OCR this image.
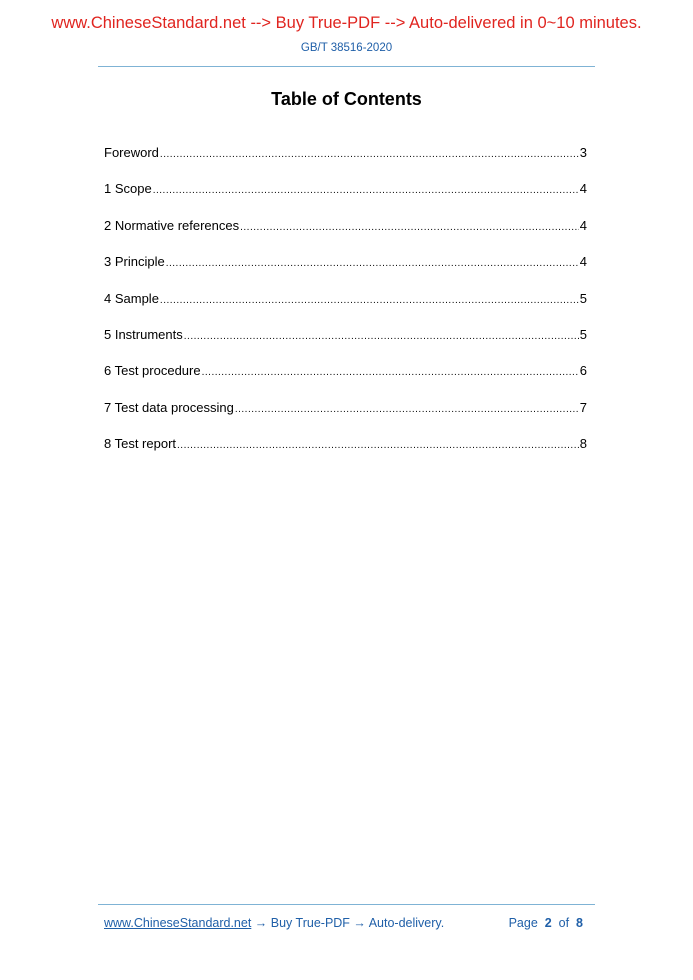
www.ChineseStandard.net --> Buy True-PDF --> Auto-delivered in 0~10 minutes.
GB/T 38516-2020
Table of Contents
Foreword .....	3
1 Scope .....	4
2 Normative references .....	4
3 Principle .....	4
4 Sample .....	5
5 Instruments .....	5
6 Test procedure .....	6
7 Test data processing .....	7
8 Test report .....	8
www.ChineseStandard.net → Buy True-PDF → Auto-delivery.	Page 2 of 8
